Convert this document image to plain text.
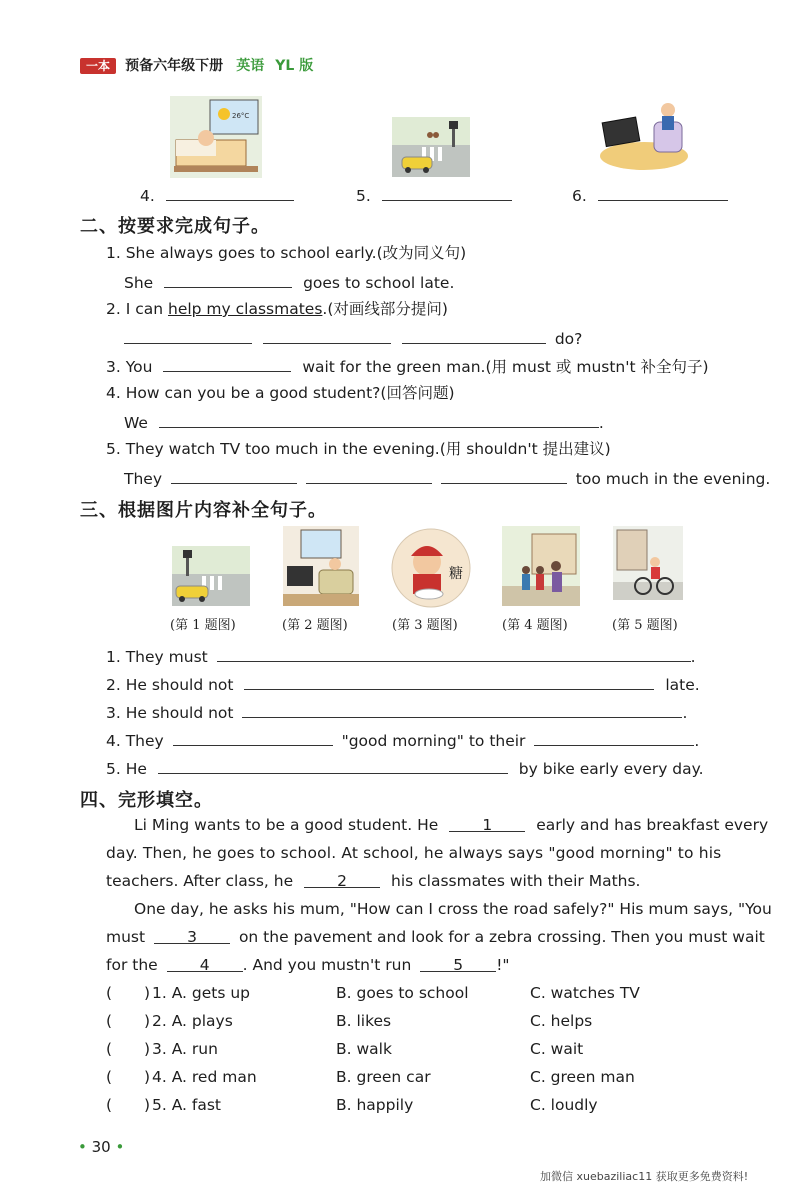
一本 预备六年级下册 英语 YL 版
26°C
4.	5.	6.
二、按要求完成句子。
1. She always goes to school early.(改为同义句)
She	goes to school late.
2. I can help my classmates.(对画线部分提问)
do?
3. You	wait for the green man.(用 must 或 mustn't 补全句子)
4. How can you be a good student?(回答问题)
We	.
5. They watch TV too much in the evening.(用 shouldn't 提出建议)
They	too much in the evening.
三、根据图片内容补全句子。
糖
(第 1 题图)	(第 2 题图)	(第 3 题图)	(第 4 题图)	(第 5 题图)
1. They must	.
2. He should not	late.
3. He should not	.
4. They	"good morning" to their	.
5. He	by bike early every day.
四、完形填空。
Li Ming wants to be a good student. He	1	early and has breakfast every
day. Then, he goes to school. At school, he always says "good morning" to his
teachers. After class, he	2	his classmates with their Maths.
One day, he asks his mum, "How can I cross the road safely?" His mum says, "You
must	3	on the pavement and look for a zebra crossing. Then you must wait
for the	4 . And you mustn't run	5 !"
( ) 1. A. gets up	B. goes to school	C. watches TV
( ) 2. A. plays	B. likes	C. helps
( ) 3. A. run	B. walk	C. wait
( ) 4. A. red man	B. green car	C. green man
( ) 5. A. fast	B. happily	C. loudly
• 30 •
加微信 xuebaziliac11 获取更多免费资料!
